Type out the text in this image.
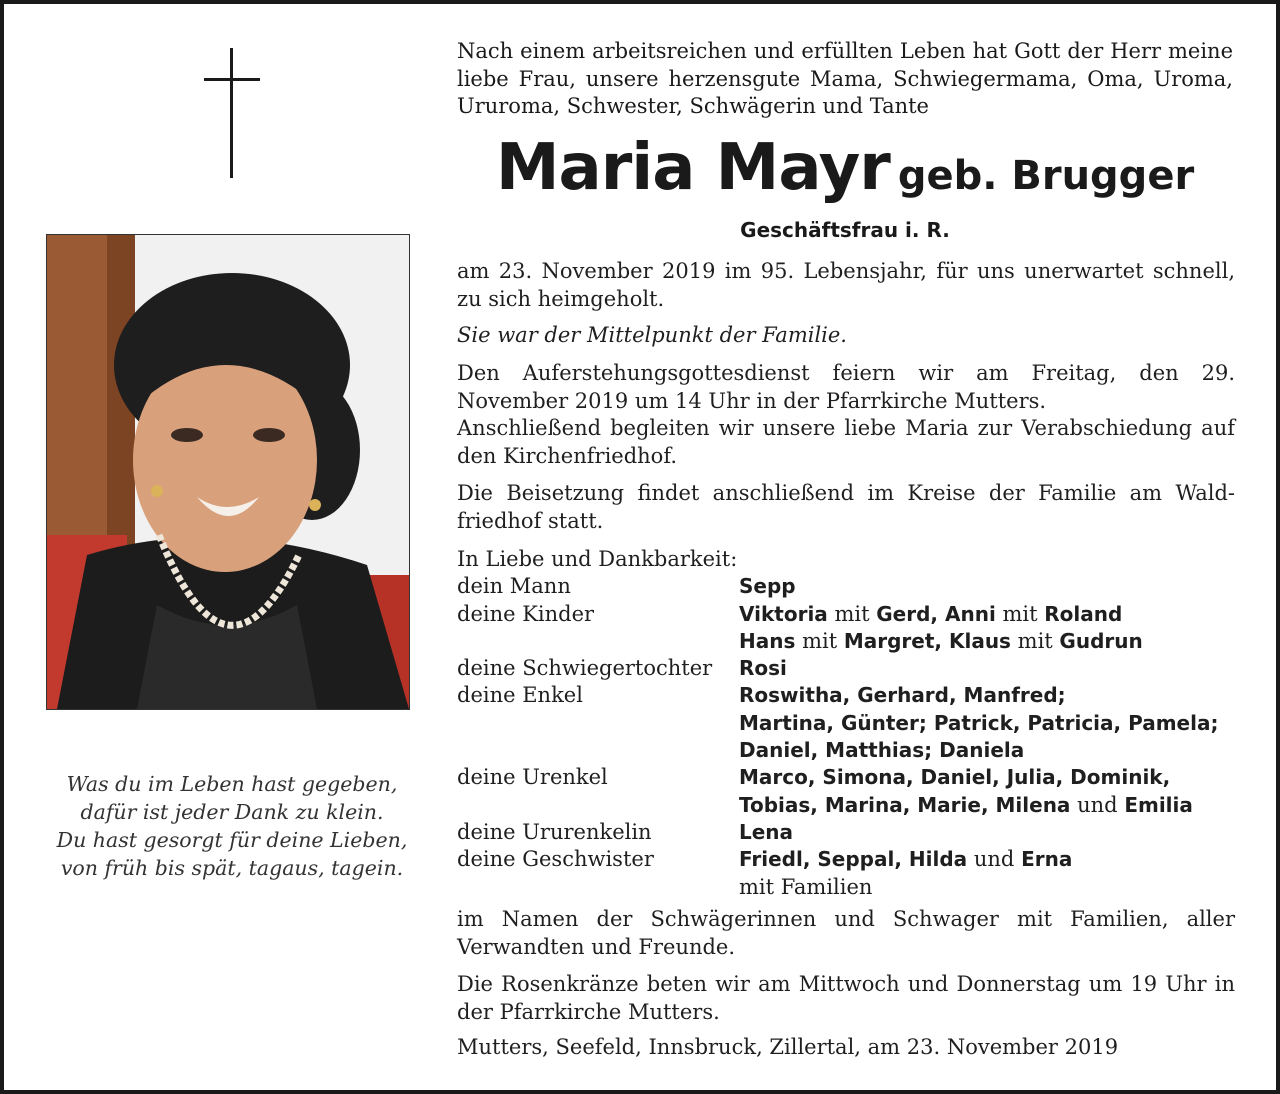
Was du im Leben hast gegeben,
dafür ist jeder Dank zu klein.
Du hast gesorgt für deine Lieben,
von früh bis spät, tagaus, tagein.

Nach einem arbeitsreichen und erfüllten Leben hat Gott der Herr meine liebe Frau, unsere herzensgute Mama, Schwiegermama, Oma, Uroma, Ururoma, Schwester, Schwägerin und Tante

Maria Mayr geb. Brugger
Geschäftsfrau i. R.

am 23. November 2019 im 95. Lebensjahr, für uns unerwartet schnell, zu sich heimgeholt.

Sie war der Mittelpunkt der Familie.

Den Auferstehungsgottesdienst feiern wir am Freitag, den 29. November 2019 um 14 Uhr in der Pfarrkirche Mutters.

Anschließend begleiten wir unsere liebe Maria zur Verabschiedung auf den Kirchenfriedhof.

Die Beisetzung findet anschließend im Kreise der Familie am Wald-

friedhof statt.

In Liebe und Dankbarkeit:
dein Mann	Sepp
deine Kinder	Viktoria mit Gerd, Anni mit Roland
Hans mit Margret, Klaus mit Gudrun
deine Schwiegertochter	Rosi
deine Enkel	Roswitha, Gerhard, Manfred;
Martina, Günter; Patrick, Patricia, Pamela;
Daniel, Matthias; Daniela
deine Urenkel	Marco, Simona, Daniel, Julia, Dominik,
Tobias, Marina, Marie, Milena und Emilia
deine Ururenkelin	Lena
deine Geschwister	Friedl, Seppal, Hilda und Erna
mit Familien

im Namen der Schwägerinnen und Schwager mit Familien, aller Verwandten und Freunde.

Die Rosenkränze beten wir am Mittwoch und Donnerstag um 19 Uhr in der Pfarrkirche Mutters.

Mutters, Seefeld, Innsbruck, Zillertal, am 23. November 2019
